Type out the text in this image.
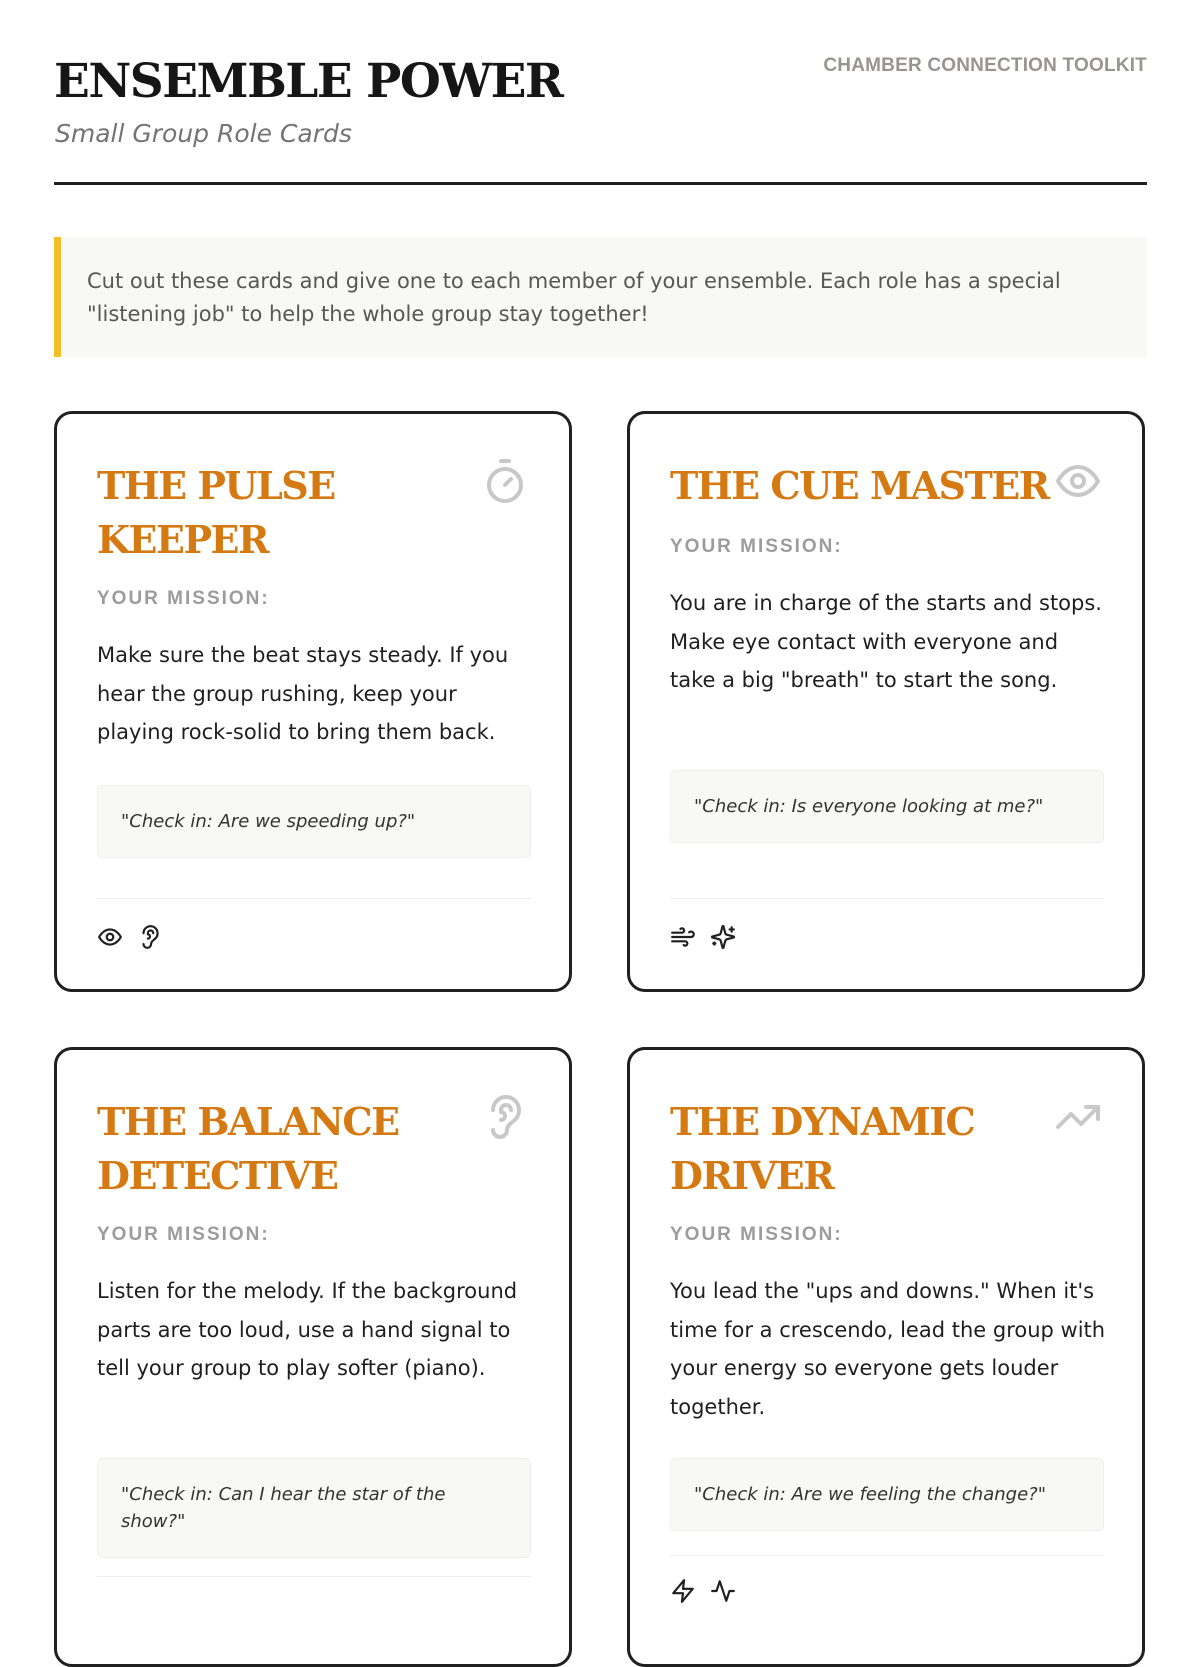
ENSEMBLE POWER
Small Group Role Cards
CHAMBER CONNECTION TOOLKIT
Cut out these cards and give one to each member of your ensemble. Each role has a special "listening job" to help the whole group stay together!
THE PULSE KEEPER
YOUR MISSION:
Make sure the beat stays steady. If you hear the group rushing, keep your playing rock-solid to bring them back.
"Check in: Are we speeding up?"
THE CUE MASTER
YOUR MISSION:
You are in charge of the starts and stops. Make eye contact with everyone and take a big "breath" to start the song.
"Check in: Is everyone looking at me?"
THE BALANCE DETECTIVE
YOUR MISSION:
Listen for the melody. If the background parts are too loud, use a hand signal to tell your group to play softer (piano).
"Check in: Can I hear the star of the show?"
THE DYNAMIC DRIVER
YOUR MISSION:
You lead the "ups and downs." When it's time for a crescendo, lead the group with your energy so everyone gets louder together.
"Check in: Are we feeling the change?"
